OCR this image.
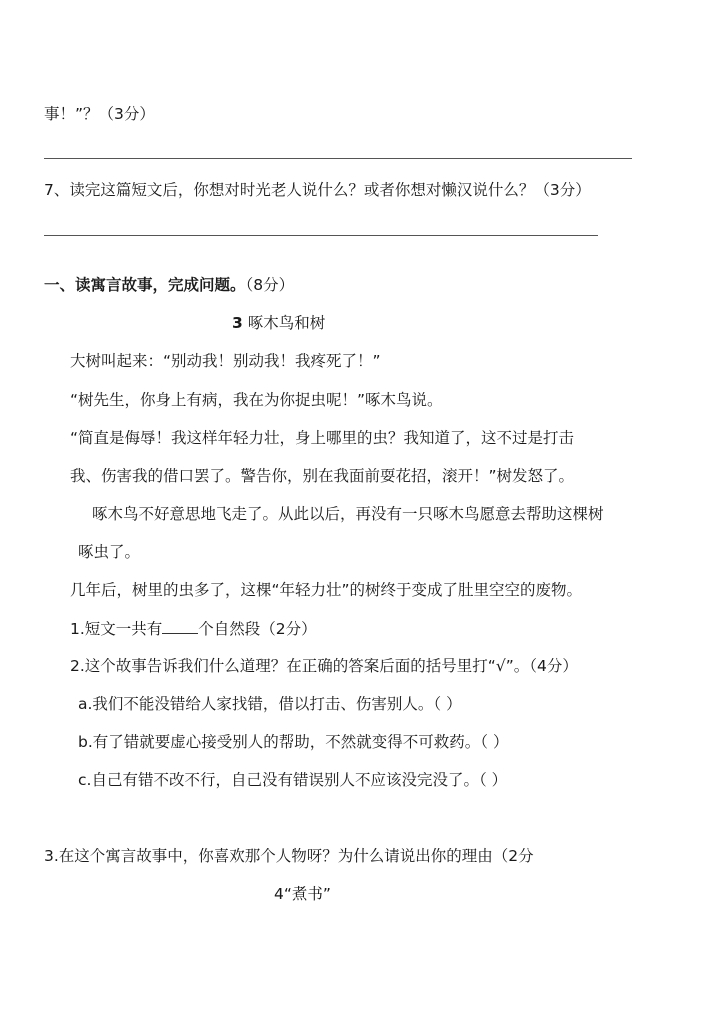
事！”？（3分）
7、读完这篇短文后，你想对时光老人说什么？或者你想对懒汉说什么？（3分）
一、读寓言故事，完成问题。（8分）
3 啄木鸟和树
大树叫起来：“别动我！别动我！我疼死了！”
“树先生，你身上有病，我在为你捉虫呢！”啄木鸟说。
“简直是侮辱！我这样年轻力壮，身上哪里的虫？我知道了，这不过是打击
我、伤害我的借口罢了。警告你，别在我面前耍花招，滚开！”树发怒了。
啄木鸟不好意思地飞走了。从此以后，再没有一只啄木鸟愿意去帮助这棵树
啄虫了。
几年后，树里的虫多了，这棵“年轻力壮”的树终于变成了肚里空空的废物。
1.短文一共有 个自然段（2分）
2.这个故事告诉我们什么道理？在正确的答案后面的括号里打“√”。（4分）
a.我们不能没错给人家找错，借以打击、伤害别人。（ ）
b.有了错就要虚心接受别人的帮助，不然就变得不可救药。（ ）
c.自己有错不改不行，自己没有错误别人不应该没完没了。（ ）
3.在这个寓言故事中，你喜欢那个人物呀？为什么请说出你的理由（2分
4“煮书”
